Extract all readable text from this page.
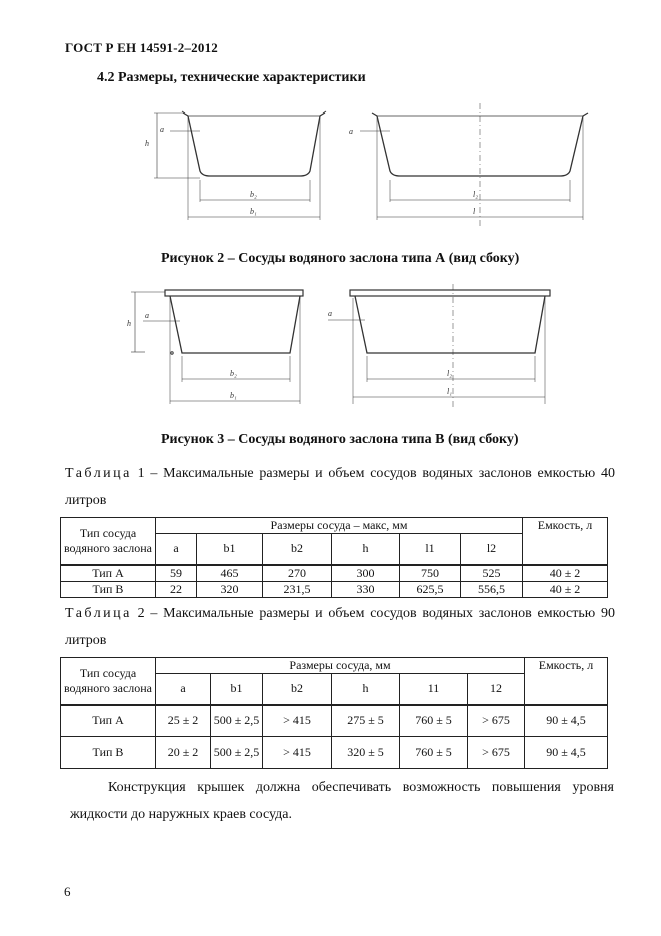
ГОСТ Р ЕН 14591-2–2012
4.2 Размеры, технические характеристики
h
a
b₂
b₁
a
l₂
l
Рисунок 2 – Сосуды водяного заслона типа А (вид сбоку)
h
a
b₂
b₁
a
l₂
l₁
Рисунок 3 – Сосуды водяного заслона типа В (вид сбоку)
Таблица 1 – Максимальные размеры и объем сосудов водяных заслонов емкостью 40 литров
Тип сосуда водяного заслона	Размеры сосуда – макс, мм						Емкость, л
	a	b1	b2	h	l1	l2	
Тип А	59	465	270	300	750	525	40 ± 2
Тип В	22	320	231,5	330	625,5	556,5	40 ± 2
Таблица 2 – Максимальные размеры и объем сосудов водяных заслонов емкостью 90 литров
Тип сосуда водяного заслона	Размеры сосуда, мм						Емкость, л
	a	b1	b2	h	11	12	
Тип А	25 ± 2	500 ± 2,5	> 415	275 ± 5	760 ± 5	> 675	90 ± 4,5
Тип В	20 ± 2	500 ± 2,5	> 415	320 ± 5	760 ± 5	> 675	90 ± 4,5
Конструкция крышек должна обеспечивать возможность повышения уровня жидкости до наружных краев сосуда.
6
